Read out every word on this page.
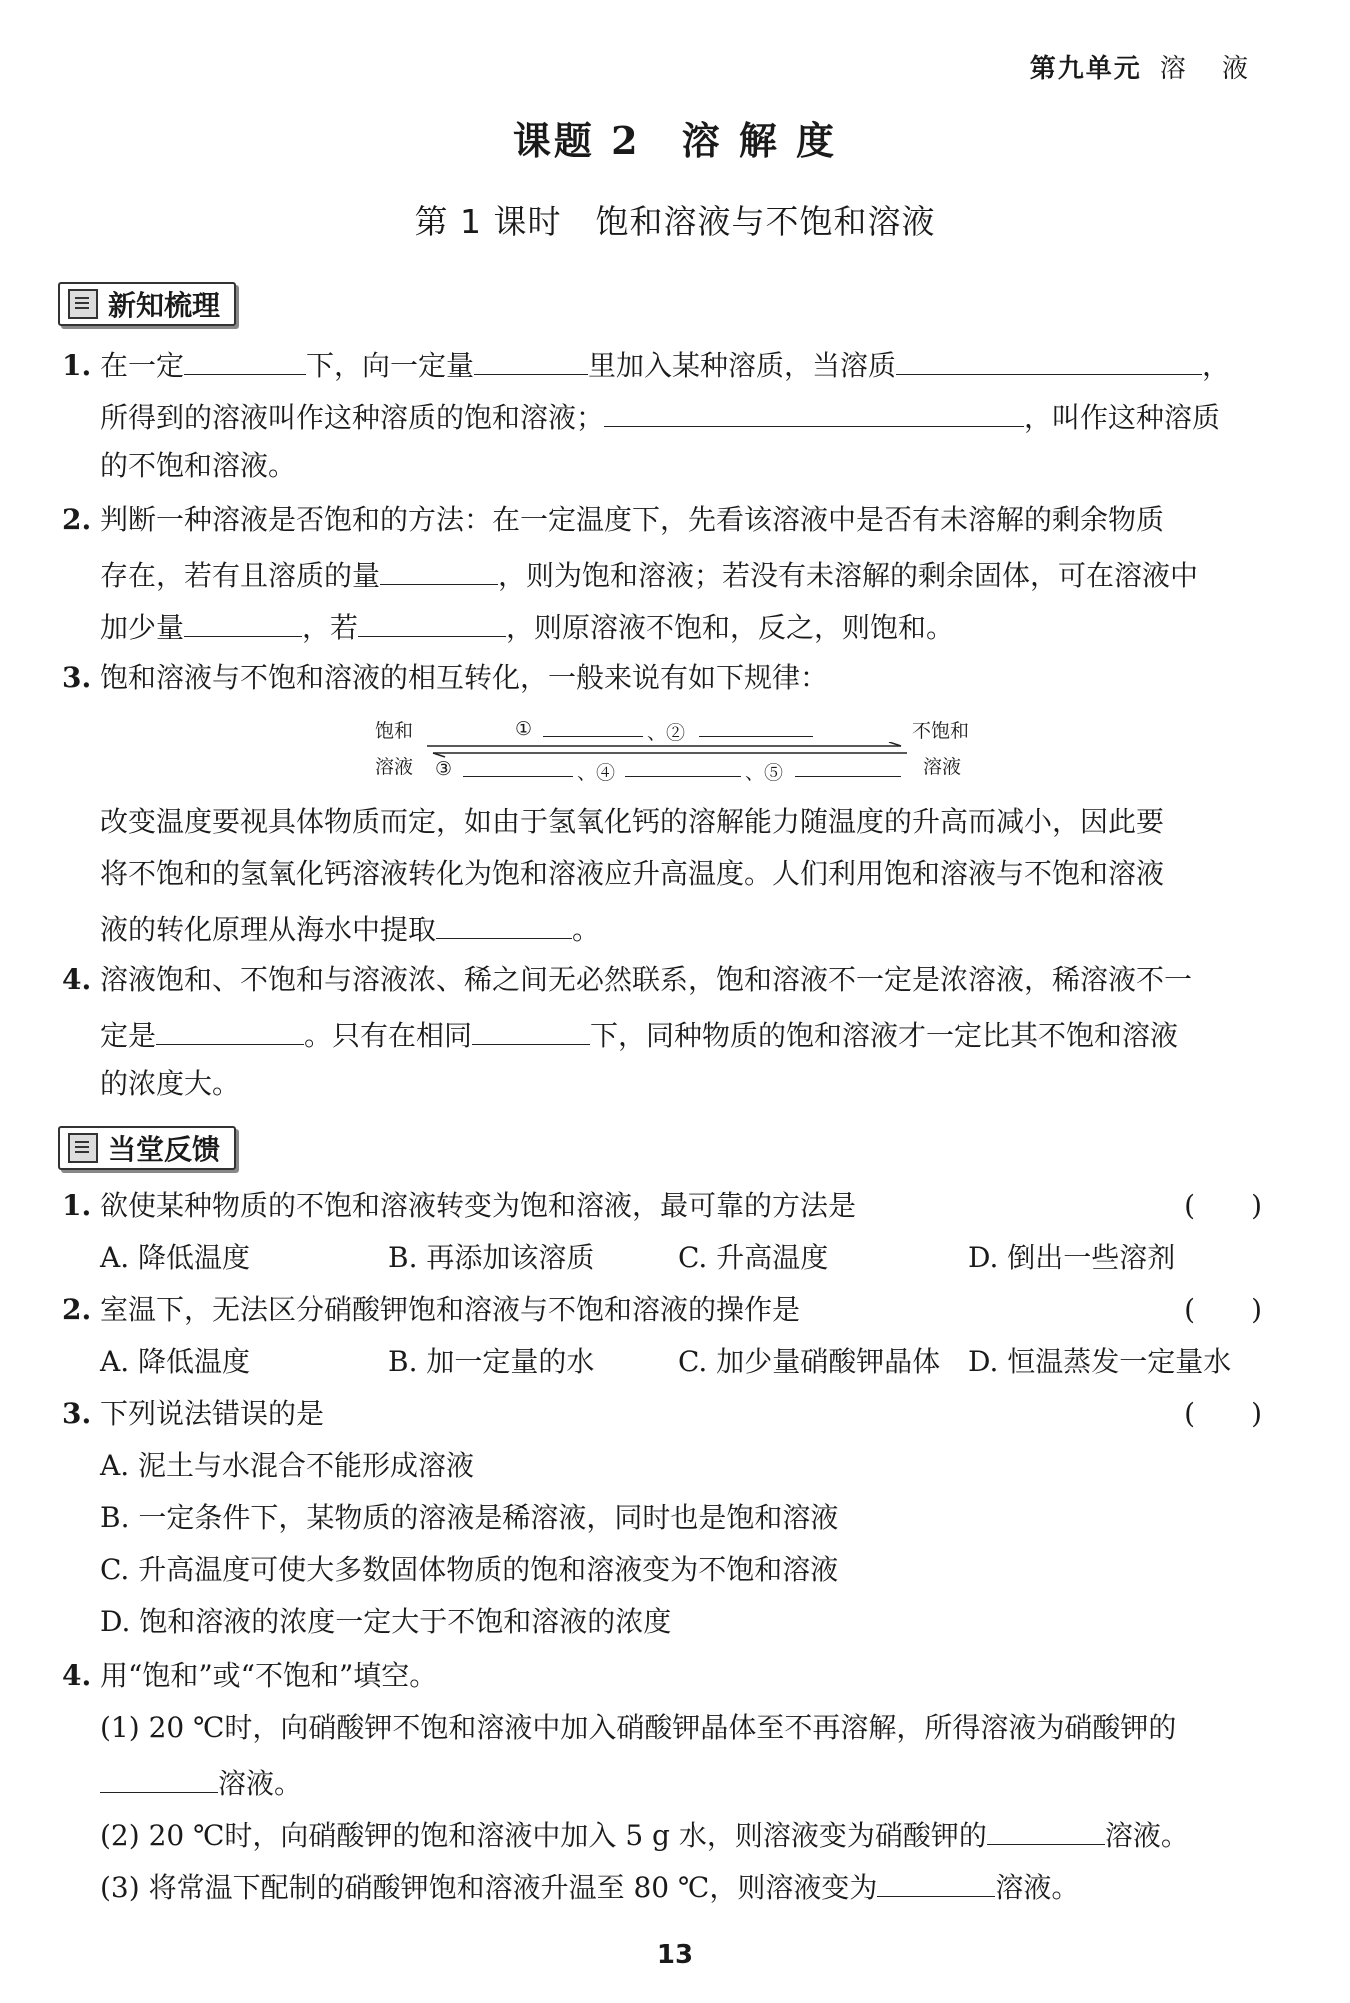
第九单元 溶 液
课题 2　溶 解 度
第 1 课时　饱和溶液与不饱和溶液
新知梳理
1. 在一定	下，向一定量	里加入某种溶质，当溶质	，
所得到的溶液叫作这种溶质的饱和溶液；	，叫作这种溶质
的不饱和溶液。
2. 判断一种溶液是否饱和的方法：在一定温度下，先看该溶液中是否有未溶解的剩余物质
存在，若有且溶质的量	，则为饱和溶液；若没有未溶解的剩余固体，可在溶液中
加少量	，若	，则原溶液不饱和，反之，则饱和。
3. 饱和溶液与不饱和溶液的相互转化，一般来说有如下规律：
饱和
溶液
不饱和
溶液
①	、②
③	、④	、⑤
改变温度要视具体物质而定，如由于氢氧化钙的溶解能力随温度的升高而减小，因此要
将不饱和的氢氧化钙溶液转化为饱和溶液应升高温度。人们利用饱和溶液与不饱和溶液
液的转化原理从海水中提取	。
4. 溶液饱和、不饱和与溶液浓、稀之间无必然联系，饱和溶液不一定是浓溶液，稀溶液不一
定是	。只有在相同	下，同种物质的饱和溶液才一定比其不饱和溶液
的浓度大。
当堂反馈
1. 欲使某种物质的不饱和溶液转变为饱和溶液，最可靠的方法是	(　　)
A. 降低温度	B. 再添加该溶质	C. 升高温度	D. 倒出一些溶剂
2. 室温下，无法区分硝酸钾饱和溶液与不饱和溶液的操作是	(　　)
A. 降低温度	B. 加一定量的水	C. 加少量硝酸钾晶体 D. 恒温蒸发一定量水
3. 下列说法错误的是	(　　)
A. 泥土与水混合不能形成溶液
B. 一定条件下，某物质的溶液是稀溶液，同时也是饱和溶液
C. 升高温度可使大多数固体物质的饱和溶液变为不饱和溶液
D. 饱和溶液的浓度一定大于不饱和溶液的浓度
4. 用“饱和”或“不饱和”填空。
(1) 20 ℃时，向硝酸钾不饱和溶液中加入硝酸钾晶体至不再溶解，所得溶液为硝酸钾的
溶液。
(2) 20 ℃时，向硝酸钾的饱和溶液中加入 5 g 水，则溶液变为硝酸钾的	溶液。
(3) 将常温下配制的硝酸钾饱和溶液升温至 80 ℃，则溶液变为	溶液。
13
